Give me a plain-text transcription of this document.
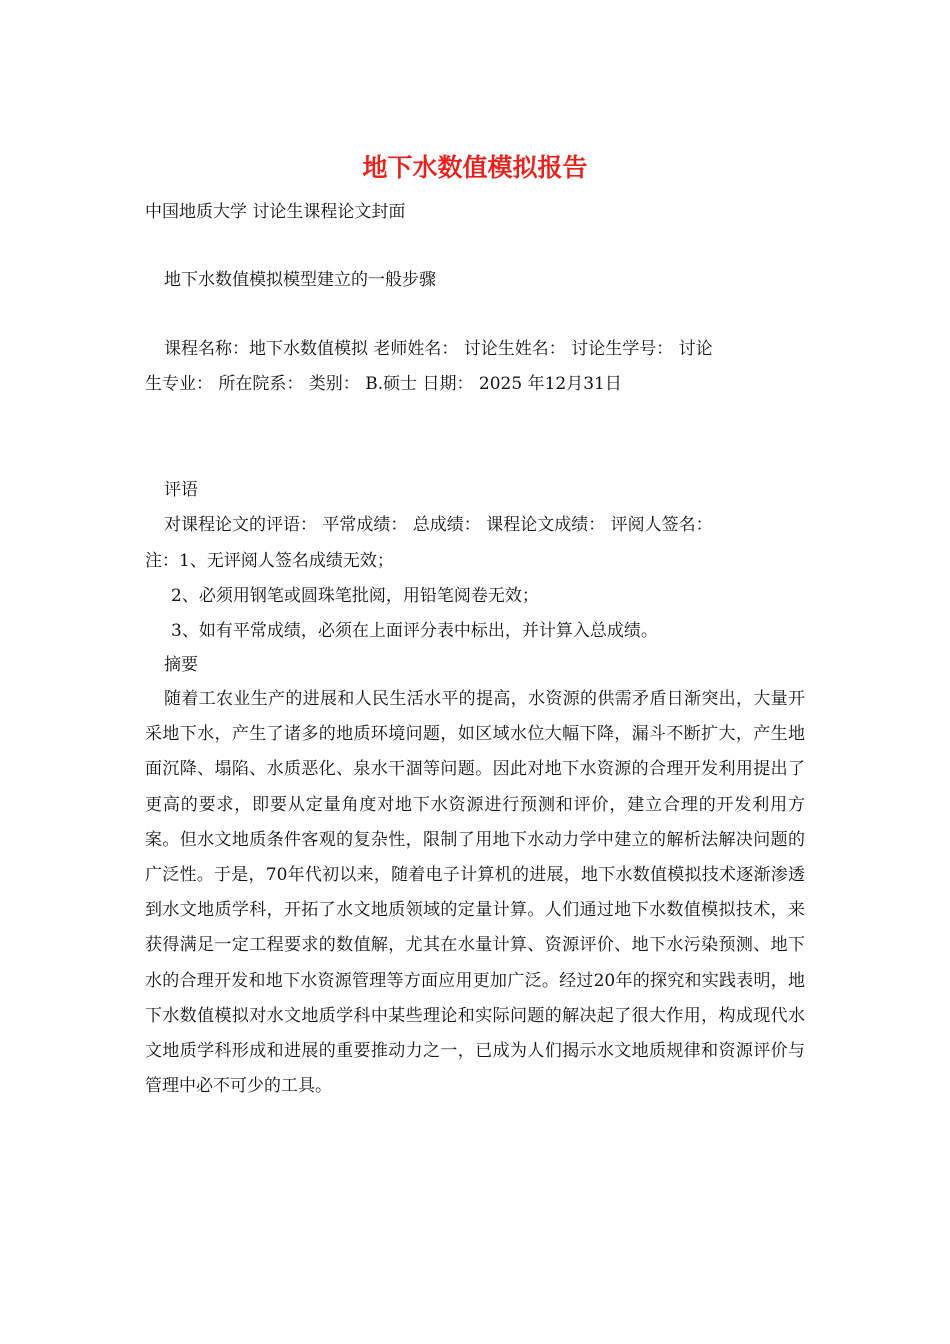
地下水数值模拟报告
中国地质大学 讨论生课程论文封面
地下水数值模拟模型建立的一般步骤
课程名称：地下水数值模拟 老师姓名： 讨论生姓名： 讨论生学号： 讨论
生专业： 所在院系： 类别： B.硕士 日期： 2025 年12月31日
评语
对课程论文的评语： 平常成绩： 总成绩： 课程论文成绩： 评阅人签名：
注：1、无评阅人签名成绩无效；
2、必须用钢笔或圆珠笔批阅，用铅笔阅卷无效；
3、如有平常成绩，必须在上面评分表中标出，并计算入总成绩。
摘要

随着工农业生产的进展和人民生活水平的提高，水资源的供需矛盾日渐突出，大量开采地下水，产生了诸多的地质环境问题，如区域水位大幅下降，漏斗不断扩大，产生地面沉降、塌陷、水质恶化、泉水干涸等问题。因此对地下水资源的合理开发利用提出了更高的要求，即要从定量角度对地下水资源进行预测和评价，建立合理的开发利用方案。但水文地质条件客观的复杂性，限制了用地下水动力学中建立的解析法解决问题的广泛性。于是，70年代初以来，随着电子计算机的进展，地下水数值模拟技术逐渐渗透到水文地质学科，开拓了水文地质领域的定量计算。人们通过地下水数值模拟技术，来获得满足一定工程要求的数值解，尤其在水量计算、资源评价、地下水污染预测、地下水的合理开发和地下水资源管理等方面应用更加广泛。经过20年的探究和实践表明，地下水数值模拟对水文地质学科中某些理论和实际问题的解决起了很大作用，构成现代水文地质学科形成和进展的重要推动力之一，已成为人们揭示水文地质规律和资源评价与管理中必不可少的工具。
